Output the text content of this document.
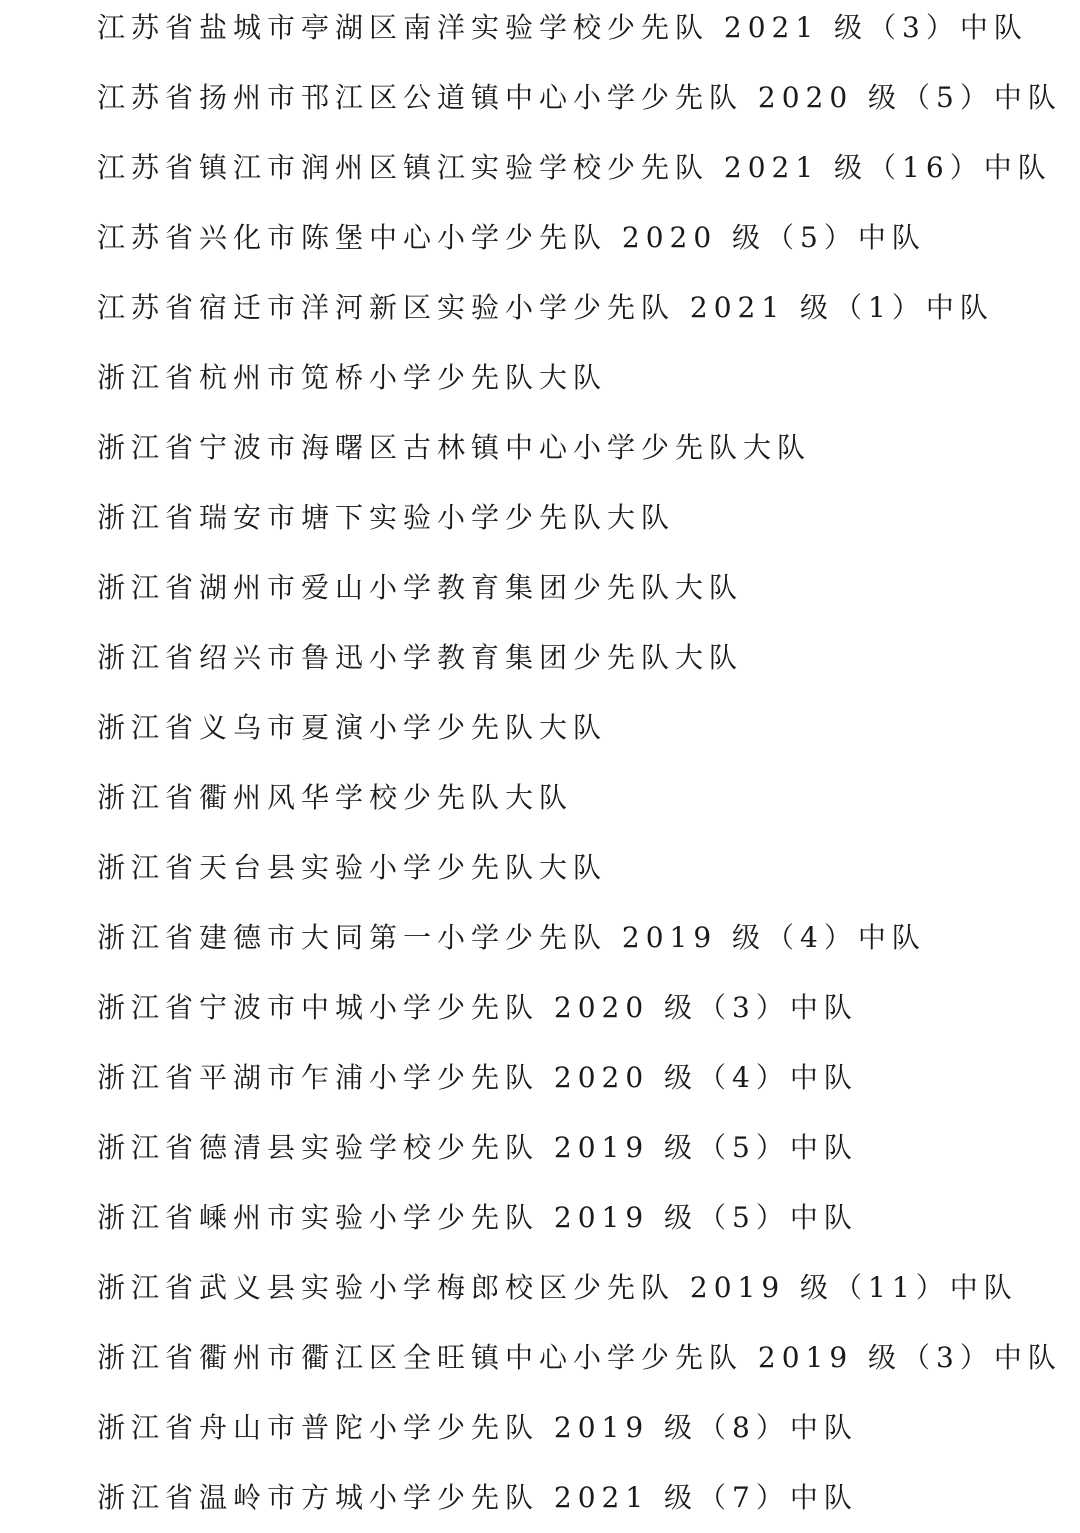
江苏省盐城市亭湖区南洋实验学校少先队 2021 级（3）中队
江苏省扬州市邗江区公道镇中心小学少先队 2020 级（5）中队
江苏省镇江市润州区镇江实验学校少先队 2021 级（16）中队
江苏省兴化市陈堡中心小学少先队 2020 级（5）中队
江苏省宿迁市洋河新区实验小学少先队 2021 级（1）中队
浙江省杭州市笕桥小学少先队大队
浙江省宁波市海曙区古林镇中心小学少先队大队
浙江省瑞安市塘下实验小学少先队大队
浙江省湖州市爱山小学教育集团少先队大队
浙江省绍兴市鲁迅小学教育集团少先队大队
浙江省义乌市夏演小学少先队大队
浙江省衢州风华学校少先队大队
浙江省天台县实验小学少先队大队
浙江省建德市大同第一小学少先队 2019 级（4）中队
浙江省宁波市中城小学少先队 2020 级（3）中队
浙江省平湖市乍浦小学少先队 2020 级（4）中队
浙江省德清县实验学校少先队 2019 级（5）中队
浙江省嵊州市实验小学少先队 2019 级（5）中队
浙江省武义县实验小学梅郎校区少先队 2019 级（11）中队
浙江省衢州市衢江区全旺镇中心小学少先队 2019 级（3）中队
浙江省舟山市普陀小学少先队 2019 级（8）中队
浙江省温岭市方城小学少先队 2021 级（7）中队
